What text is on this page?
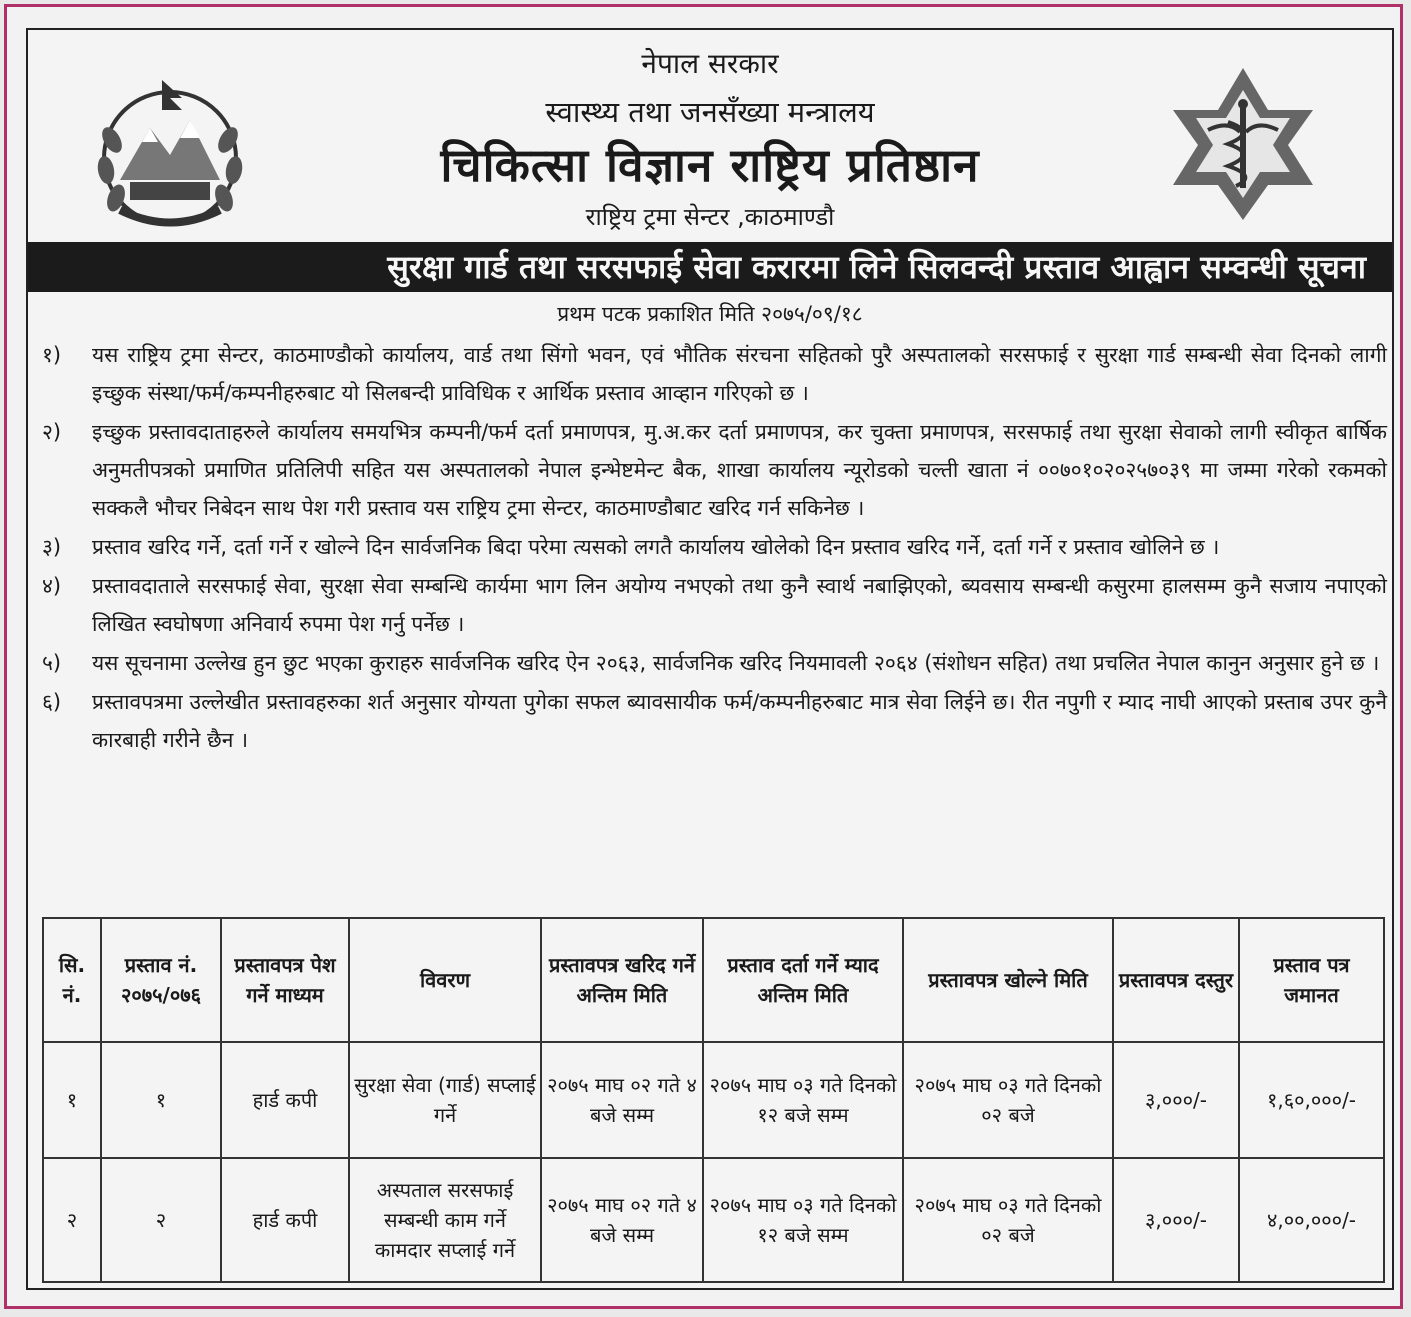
नेपाल सरकार
स्वास्थ्य तथा जनसँख्या मन्त्रालय
चिकित्सा विज्ञान राष्ट्रिय प्रतिष्ठान
राष्ट्रिय ट्रमा सेन्टर ,काठमाण्डौ
सुरक्षा गार्ड तथा सरसफाई सेवा करारमा लिने सिलवन्दी प्रस्ताव आह्वान सम्वन्धी सूचना
प्रथम पटक प्रकाशित मिति २०७५/०९/१८
१)	यस राष्ट्रिय ट्रमा सेन्टर, काठमाण्डौको कार्यालय, वार्ड तथा सिंगो भवन, एवं भौतिक संरचना सहितको पुरै अस्पतालको सरसफाई र सुरक्षा गार्ड सम्बन्धी सेवा दिनको लागी इच्छुक संस्था/फर्म/कम्पनीहरुबाट यो सिलबन्दी प्राविधिक र आर्थिक प्रस्ताव आव्हान गरिएको छ ।
२)	इच्छुक प्रस्तावदाताहरुले कार्यालय समयभित्र कम्पनी/फर्म दर्ता प्रमाणपत्र, मु.अ.कर दर्ता प्रमाणपत्र, कर चुक्ता प्रमाणपत्र, सरसफाई तथा सुरक्षा सेवाको लागी स्वीकृत बार्षिक अनुमतीपत्रको प्रमाणित प्रतिलिपी सहित यस अस्पतालको नेपाल इन्भेष्टमेन्ट बैक, शाखा कार्यालय न्यूरोडको चल्ती खाता नं ००७०१०२०२५७०३९ मा जम्मा गरेको रकमको सक्कलै भौचर निबेदन साथ पेश गरी प्रस्ताव यस राष्ट्रिय ट्रमा सेन्टर, काठमाण्डौबाट खरिद गर्न सकिनेछ ।
३)	प्रस्ताव खरिद गर्ने, दर्ता गर्ने र खोल्ने दिन सार्वजनिक बिदा परेमा त्यसको लगतै कार्यालय खोलेको दिन प्रस्ताव खरिद गर्ने, दर्ता गर्ने र प्रस्ताव खोलिने छ ।
४)	प्रस्तावदाताले सरसफाई सेवा, सुरक्षा सेवा सम्बन्धि कार्यमा भाग लिन अयोग्य नभएको तथा कुनै स्वार्थ नबाझिएको, ब्यवसाय सम्बन्धी कसुरमा हालसम्म कुनै सजाय नपाएको लिखित स्वघोषणा अनिवार्य रुपमा पेश गर्नु पर्नेछ ।
५)	यस सूचनामा उल्लेख हुन छुट भएका कुराहरु सार्वजनिक खरिद ऐन २०६३, सार्वजनिक खरिद नियमावली २०६४ (संशोधन सहित) तथा प्रचलित नेपाल कानुन अनुसार हुने छ ।
६)	प्रस्तावपत्रमा उल्लेखीत प्रस्तावहरुका शर्त अनुसार योग्यता पुगेका सफल ब्यावसायीक फर्म/कम्पनीहरुबाट मात्र सेवा लिईने छ। रीत नपुगी र म्याद नाघी आएको प्रस्ताब उपर कुनै कारबाही गरीने छैन ।
सि. नं.	प्रस्ताव नं. २०७५/०७६	प्रस्तावपत्र पेश गर्ने माध्यम	विवरण	प्रस्तावपत्र खरिद गर्ने अन्तिम मिति	प्रस्ताव दर्ता गर्ने म्याद अन्तिम मिति	प्रस्तावपत्र खोल्ने मिति	प्रस्तावपत्र दस्तुर	प्रस्ताव पत्र जमानत
१	१	हार्ड कपी	सुरक्षा सेवा (गार्ड) सप्लाई गर्ने	२०७५ माघ ०२ गते ४ बजे सम्म	२०७५ माघ ०३ गते दिनको १२ बजे सम्म	२०७५ माघ ०३ गते दिनको ०२ बजे	३,०००/-	१,६०,०००/-
२	२	हार्ड कपी	अस्पताल सरसफाई सम्बन्धी काम गर्ने कामदार सप्लाई गर्ने	२०७५ माघ ०२ गते ४ बजे सम्म	२०७५ माघ ०३ गते दिनको १२ बजे सम्म	२०७५ माघ ०३ गते दिनको ०२ बजे	३,०००/-	४,००,०००/-
